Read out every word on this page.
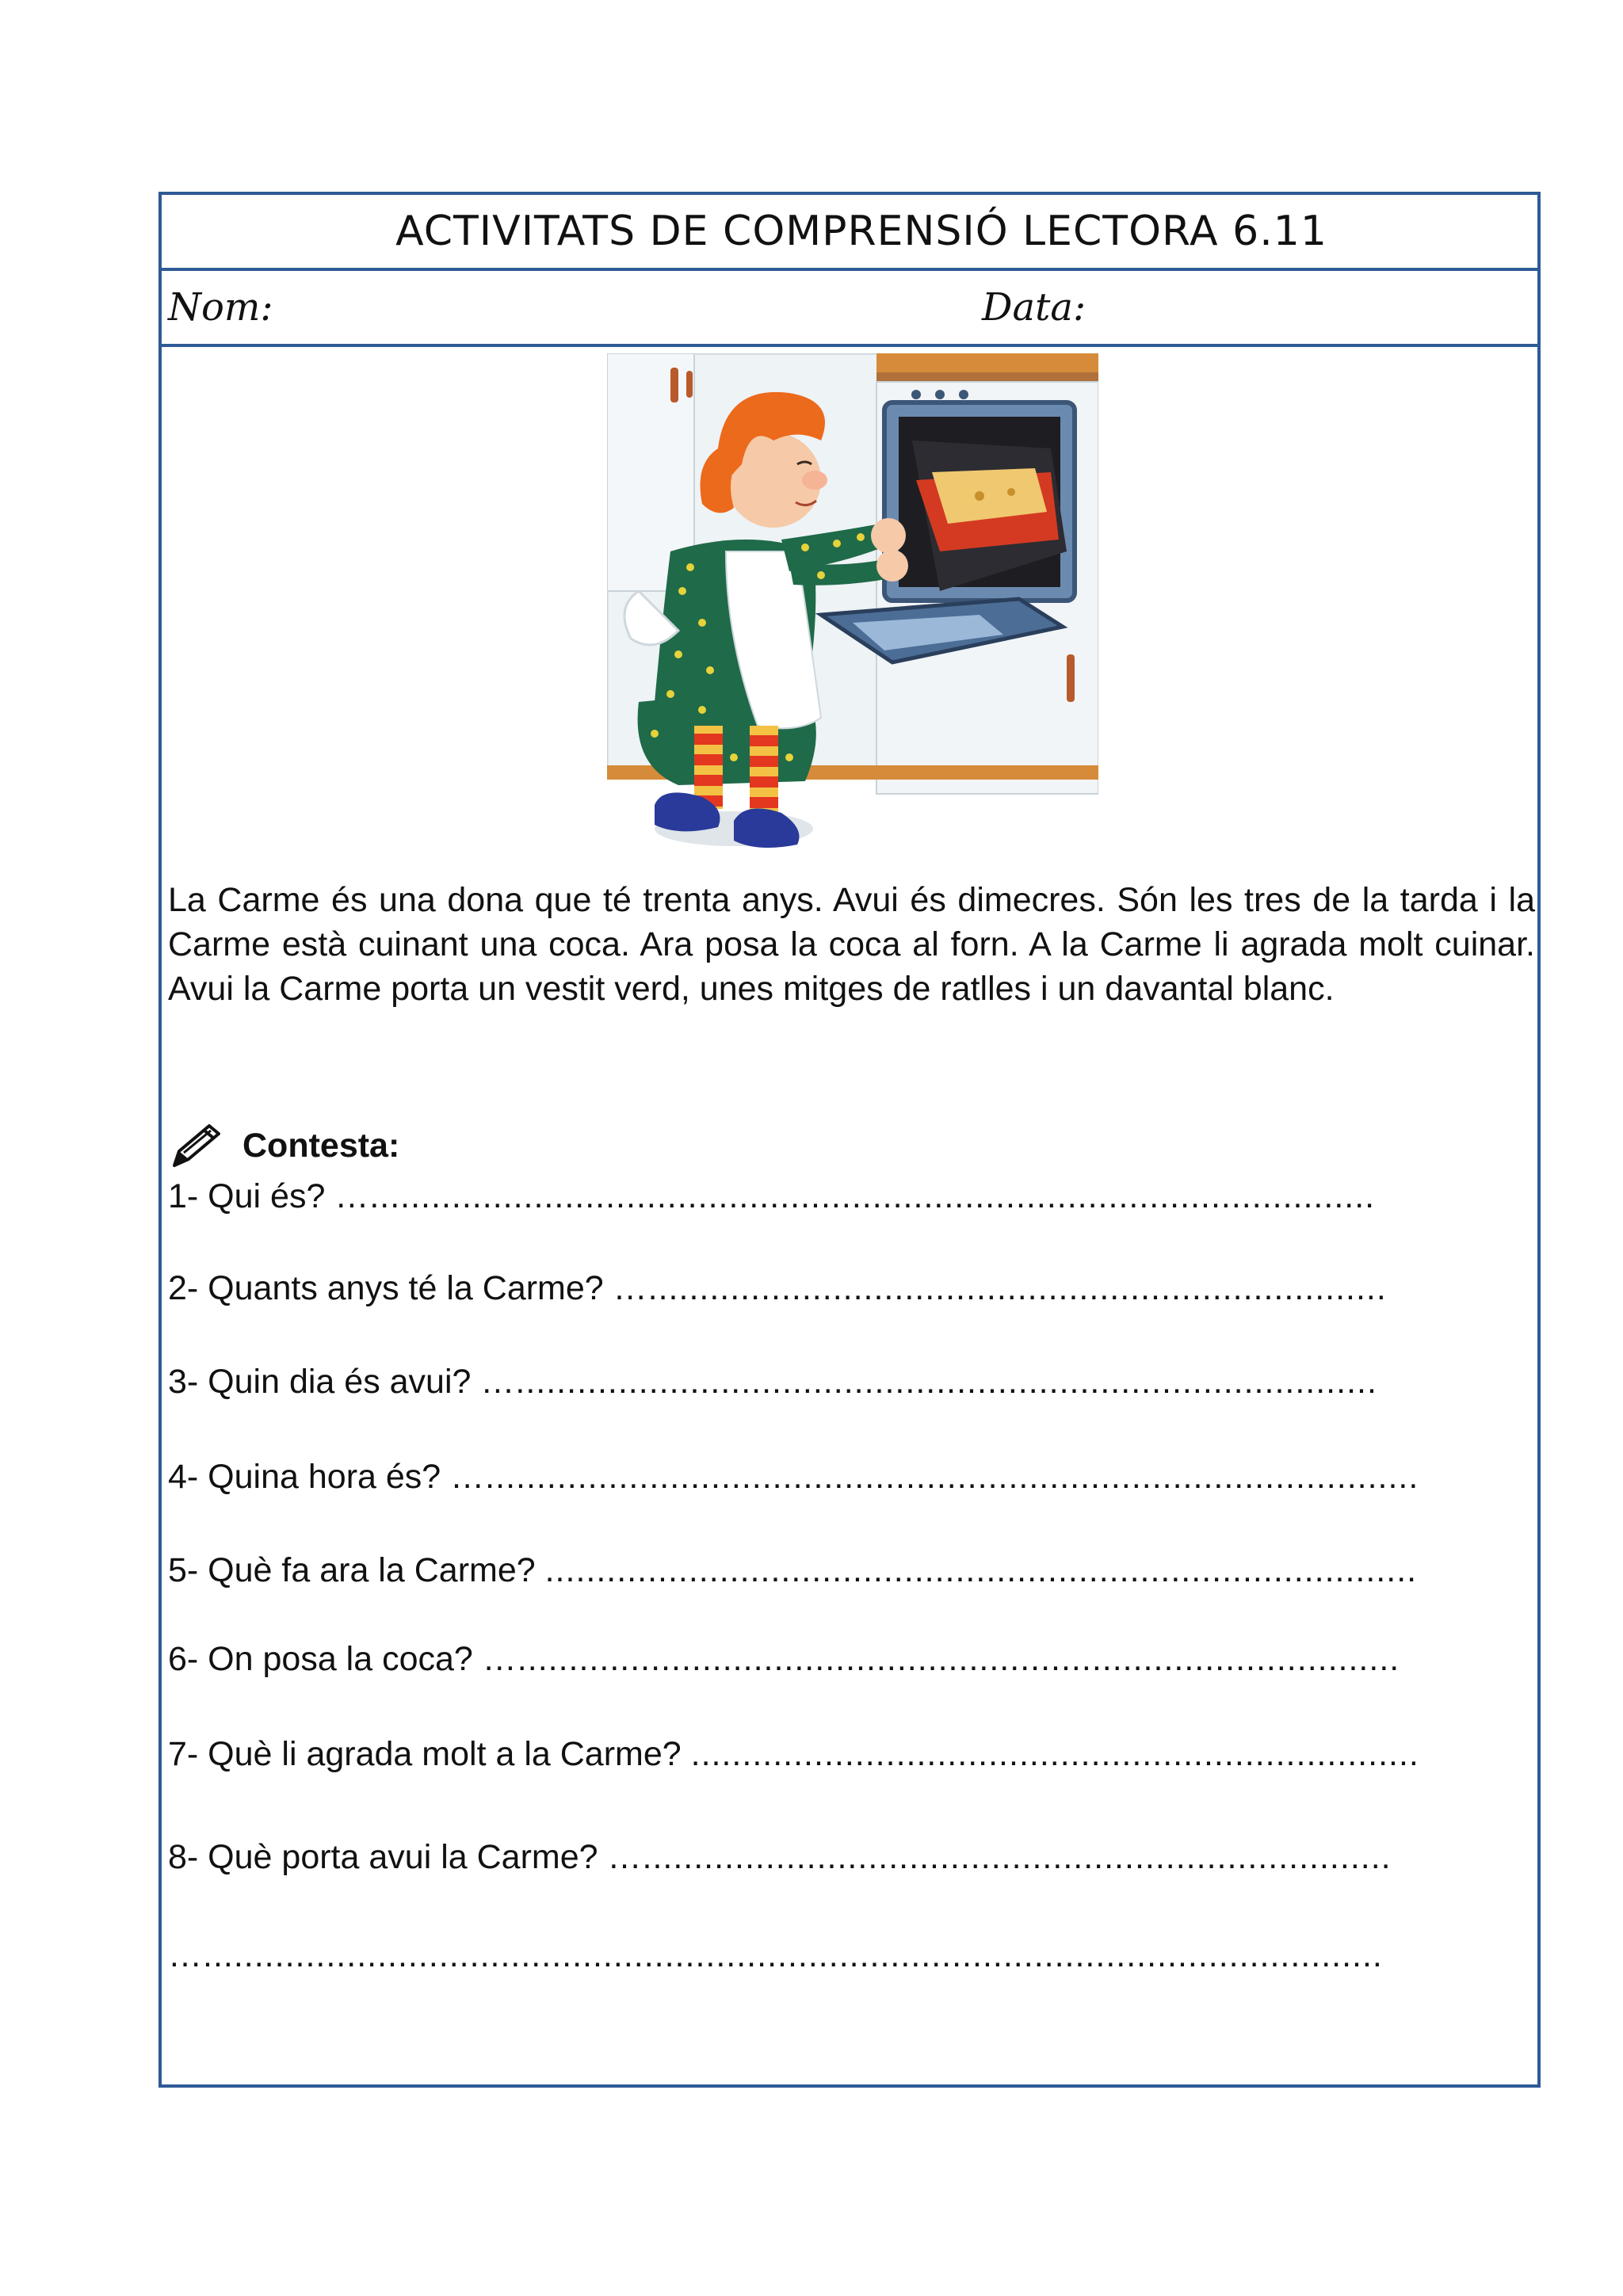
ACTIVITATS DE COMPRENSIÓ LECTORA 6.11
Nom:	Data:

La Carme és una dona que té trenta anys. Avui és dimecres. Són les tres de la tarda i la Carme està cuinant una coca. Ara posa la coca al forn. A la Carme li agrada molt cuinar. Avui la Carme porta un vestit verd, unes mitges de ratlles i un davantal blanc.

Contesta:
1- Qui és? …..................................................................................................
2- Quants anys té la Carme? …........................................................................
3- Quin dia és avui? …....................................................................................
4- Quina hora és? …...........................................................................................
5- Què fa ara la Carme? .....................................................................................
6- On posa la coca? …......................................................................................
7- Què li agrada molt a la Carme? .......................................................................
8- Què porta avui la Carme? ….........................................................................
…...................................................................................................................
